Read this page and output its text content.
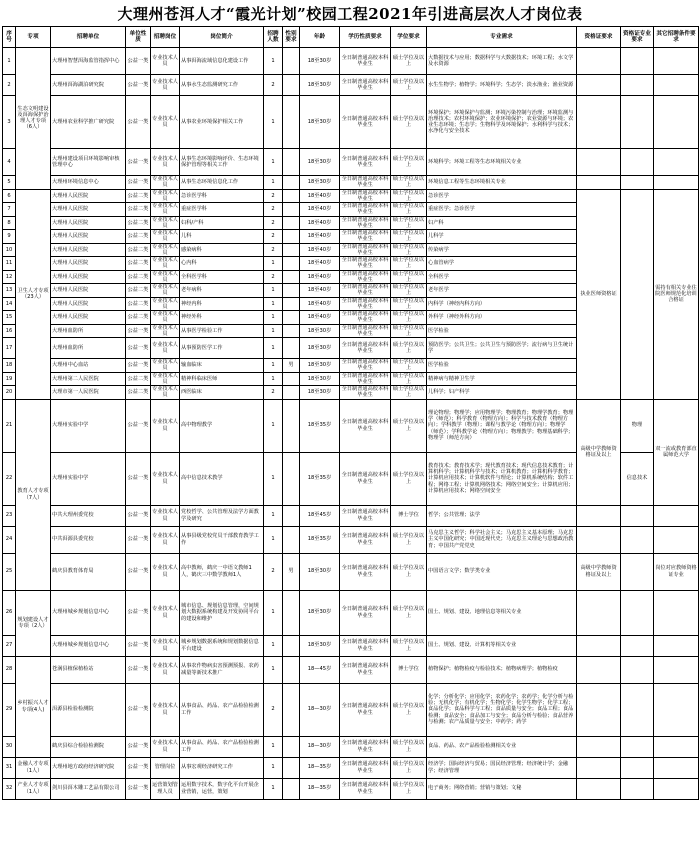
大理州苍洱人才“霞光计划”校园工程2021年引进高层次人才岗位表
序号	专项	招聘单位	单位性质	招聘岗位	岗位简介	招聘人数	性别要求	年龄	学历性质要求	学位要求	专业需求	资格证要求	资格证专业要求	其它招聘条件要求
1	生态文明建设及洱海保护治理人才专项（6人）	大理州智慧洱海监管指挥中心	公益一类	专业技术人员	从事洱海流域信息化建设工作	1		18至30岁	全日制普通高校本科毕业生	硕士学位及以上	大数据技术与应用；数据科学与大数据技术；环境工程；水文学及水资源			
2		大理州洱海湖泊研究院	公益一类	专业技术人员	从事水生态监测研究工作	2		18至30岁	全日制普通高校本科毕业生	硕士学位及以上	水生生物学；植物学；环境科学；生态学；淡水渔业；渔业资源			
3		大理州农业科学推广研究院	公益一类	专业技术人员	从事农业环境保护相关工作	1		18至30岁	全日制普通高校本科毕业生	硕士学位及以上	环境保护；环境保护与监测；环境污染控制与治理；环境监测与治理技术；农村环境保护；农业环境保护；农业资源与环境；农业生态环境；生态学；生物科学及环境保护；水利科学与技术；水净化与安全技术			
4		大理州建设项目环境影响审核管理中心	公益一类	专业技术人员	从事生态环境影响评价、生态环境保护管理等相关工作	1		18至30岁	全日制普通高校本科毕业生	硕士学位及以上	环境科学；环境工程等生态环境相关专业			
5		大理州环境信息中心	公益一类	专业技术人员	从事生态环境信息化工作	1		18至30岁	全日制普通高校本科毕业生	硕士学位及以上	环境信息工程等生态环境相关专业			
6	卫生人才专项（23人）	大理州人民医院	公益二类	专业技术人员	急诊医学科	2		18至40岁	全日制普通高校本科毕业生	硕士学位及以上	急诊医学	执业医师资格证		需持有相关专业住院医师规范化培训合格证
7		大理州人民医院	公益二类	专业技术人员	重症医学科	2		18至40岁	全日制普通高校本科毕业生	硕士学位及以上	重症医学；急诊医学			
8		大理州人民医院	公益二类	专业技术人员	妇科/产科	2		18至40岁	全日制普通高校本科毕业生	硕士学位及以上	妇产科			
9		大理州人民医院	公益二类	专业技术人员	儿科	2		18至40岁	全日制普通高校本科毕业生	硕士学位及以上	儿科学			
10		大理州人民医院	公益二类	专业技术人员	感染病科	2		18至40岁	全日制普通高校本科毕业生	硕士学位及以上	传染病学			
11		大理州人民医院	公益二类	专业技术人员	心内科	1		18至40岁	全日制普通高校本科毕业生	硕士学位及以上	心血管病学			
12		大理州人民医院	公益二类	专业技术人员	全科医学科	2		18至40岁	全日制普通高校本科毕业生	硕士学位及以上	全科医学			
13		大理州人民医院	公益二类	专业技术人员	老年病科	1		18至40岁	全日制普通高校本科毕业生	硕士学位及以上	老年医学			
14		大理州人民医院	公益二类	专业技术人员	神经内科	1		18至40岁	全日制普通高校本科毕业生	硕士学位及以上	内科学（神经内科方向）			
15		大理州人民医院	公益二类	专业技术人员	神经外科	1		18至40岁	全日制普通高校本科毕业生	硕士学位及以上	外科学（神经外科方向）			
16		大理州血防所	公益一类	专业技术人员	从事医学检验工作	1		18至30岁	全日制普通高校本科毕业生	硕士学位及以上	医学检验			
17		大理州血防所	公益一类	专业技术人员	从事预防医学工作	1		18至30岁	全日制普通高校本科毕业生	硕士学位及以上	预防医学；公共卫生；公共卫生与预防医学；流行病与卫生统计学			
18		大理州中心血站	公益一类	专业技术人员	输血临床	1	男	18至30岁	全日制普通高校本科毕业生	硕士学位及以上	医学检验			
19		大理州第二人民医院	公益二类	专业技术人员	精神科临床医师	1		18至30岁	全日制普通高校本科毕业生	硕士学位及以上	精神病与精神卫生学			
20		大理市第一人民医院	公益二类	专业技术人员	西医临床	2		18至30岁	全日制普通高校本科毕业生	硕士学位及以上	儿科学；妇产科学			
21	教育人才专项（7人）	大理州实验中学	公益一类	专业技术人员	高中物理教学	1		18至35岁	全日制普通高校本科毕业生	硕士学位及以上	理论物理；物理学；应用物理学；物理教育；物理学教育；物理学（师范）；科学教育（物理方向）；科学与技术教育（物理方向）；学科教学（物理）；课程与教学论（物理方向）；物理学（师范）；学科教学论（物理方向）；物理教学；物理基础科学；物理学（师范方向）	高级中学教师资格证及以上	物理	双一流或教育部直属师范大学
22		大理州实验中学	公益一类	专业技术人员	高中信息技术教学	1		18至35岁	全日制普通高校本科毕业生	硕士学位及以上	教育技术；教育技术学；现代教育技术；现代信息技术教育；计算机科学；计算机科学与技术；计算机教育；计算机科学教育；计算机应用技术；计算机软件与理论；计算机系统结构；软件工程；网络工程；计算机网络技术；网络空间安全；计算机应用；计算机应用技术；网络空间安全		信息技术	
23		中共大理州委党校	公益一类	专业技术人员	党校哲学、公共管理及法学方面教学及研究	1		18至45岁	全日制普通高校本科毕业生	博士学位	哲学；公共管理；法学			
24		中共洱源县委党校	公益一类	专业技术人员	从事县级党校党员干部教育教学工作	1		18至35岁	全日制普通高校本科毕业生	硕士学位及以上	马克思主义哲学；科学社会主义；马克思主义基本原理；马克思主义中国化研究；中国近现代史；马克思主义理论与思想政治教育；中国共产党党史			
25		鹤庆县教育体育局	公益一类	专业技术人员	高中教师，鹤庆一中语文教师1人，鹤庆三中数学教师1人	2	男	18至30岁	全日制普通高校本科毕业生	硕士学位及以上	中国语言文学；数学类专业	高级中学教师资格证及以上		岗位对应教师资格证专业
26	规划建设人才专项（2人）	大理州城乡规划信息中心	公益一类	专业技术人员	城市信息、规划信息管理，空间规划大数据系统构建及开发协同平台的建设和维护	1		18至30岁	全日制普通高校本科毕业生	硕士学位及以上	国土、规划、建设、地理信息等相关专业			
27		大理州城乡规划信息中心	公益一类	专业技术人员	城乡规划数据系统和规划数据信息平台建设	1		18至30岁	全日制普通高校本科毕业生	硕士学位及以上	国土、规划、建设、计算机等相关专业			
28	乡村振兴人才专项(4人)	苍满县植保植检站	公益一类	专业技术人员	从事农作物病虫害预测预报、农药减量等新技术推广	1		18—45岁	全日制普通高校本科毕业生	博士学位	植物保护；植物检疫与检验技术；植物病理学；植物检疫			
29		洱源县检验检测院	公益一类	专业技术人员	从事食品、药品、农产品检验检测工作	2		18—30岁	全日制普通高校本科毕业生	硕士学位及以上	化学；分析化学；应用化学；农药化学；农药学；化学分析与检验；无机化学；有机化学；生物化学；化学生物学；化学工程；食品化学；食品科学与工程；食品质量与安全；食品工程；食品检测；食品安全；食品加工与安全；食品分析与检验；食品营养与检测；农产品质量与安全；中药学；药学			
30		鹤庆县综合检验检测院	公益一类	专业技术人员	从事食品、药品、农产品检验检测工作	1		18—30岁	全日制普通高校本科毕业生	硕士学位及以上	食品、药品、农产品检验检测相关专业			
31	金融人才专项（1人）	大理州地方政府经济研究院	公益一类	管理岗位	从事宏观经济研究工作	1		18—35岁	全日制普通高校本科毕业生	硕士学位及以上	经济学；国际经济与贸易；国民经济管理；经济统计学；金融学；经济管理			
32	产业人才专项（1人）	剑川县洱木雕工艺品有限公司	公益一类	运营策划管理人员	运用数字技术，数字化平台开展企业营销，运营，策划	1		18—35岁	全日制普通高校本科毕业生	硕士学位及以上	电子商务；网络营销；营销与策划；文秘			
